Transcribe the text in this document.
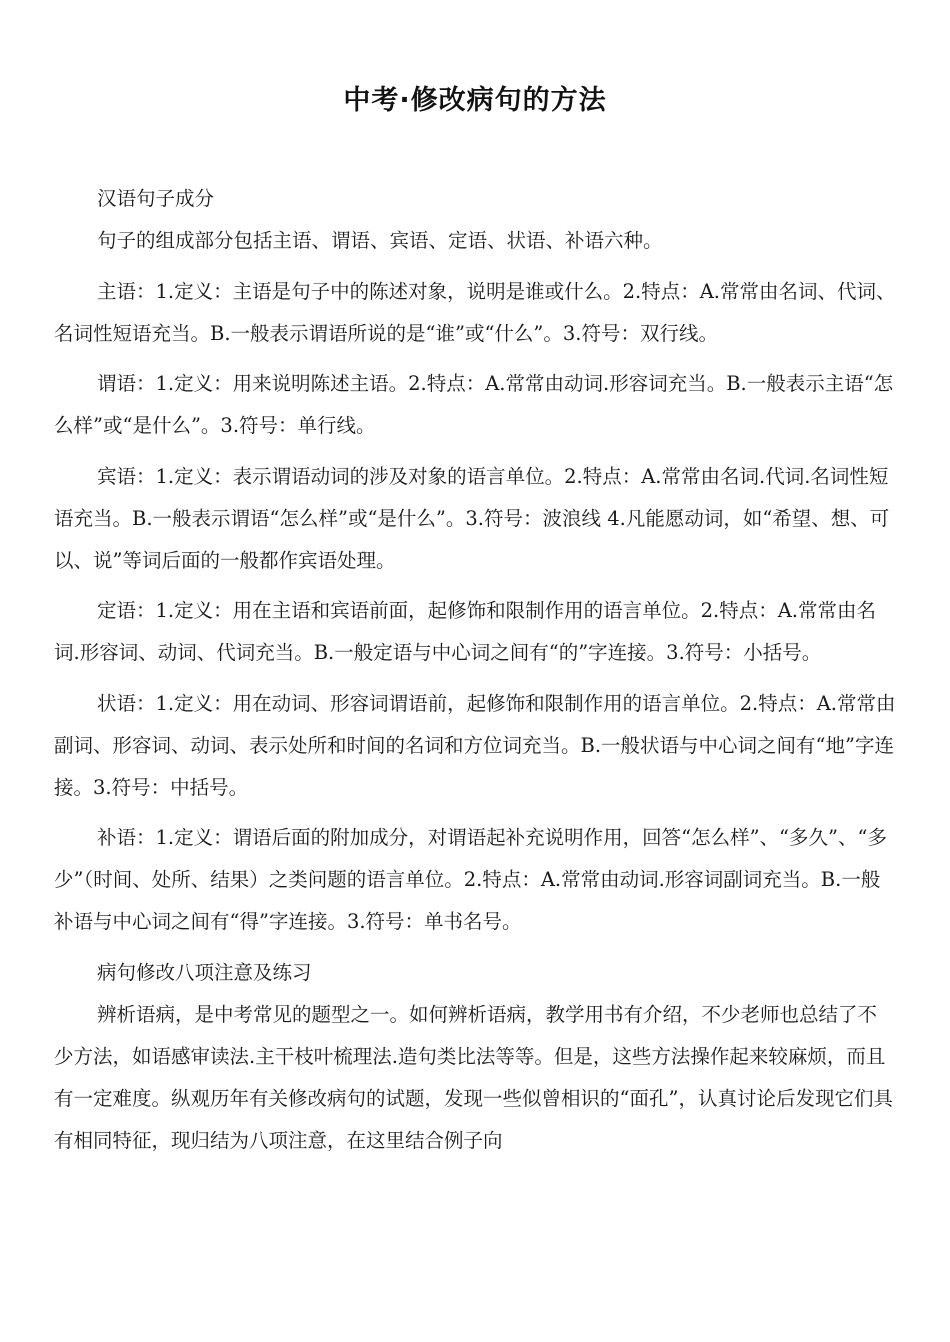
中考·修改病句的方法

汉语句子成分

句子的组成部分包括主语、谓语、宾语、定语、状语、补语六种。

主语：1.定义：主语是句子中的陈述对象，说明是谁或什么。2.特点：A.常常由名词、代词、名词性短语充当。B.一般表示谓语所说的是“谁”或“什么”。3.符号：双行线。

谓语：1.定义：用来说明陈述主语。2.特点：A.常常由动词.形容词充当。B.一般表示主语“怎么样”或“是什么”。3.符号：单行线。

宾语：1.定义：表示谓语动词的涉及对象的语言单位。2.特点：A.常常由名词.代词.名词性短语充当。B.一般表示谓语“怎么样”或“是什么”。3.符号：波浪线 4.凡能愿动词，如“希望、想、可以、说”等词后面的一般都作宾语处理。

定语：1.定义：用在主语和宾语前面，起修饰和限制作用的语言单位。2.特点：A.常常由名词.形容词、动词、代词充当。B.一般定语与中心词之间有“的”字连接。3.符号：小括号。

状语：1.定义：用在动词、形容词谓语前，起修饰和限制作用的语言单位。2.特点：A.常常由副词、形容词、动词、表示处所和时间的名词和方位词充当。B.一般状语与中心词之间有“地”字连接。3.符号：中括号。

补语：1.定义：谓语后面的附加成分，对谓语起补充说明作用，回答“怎么样”、“多久”、“多少”（时间、处所、结果）之类问题的语言单位。2.特点：A.常常由动词.形容词副词充当。B.一般补语与中心词之间有“得”字连接。3.符号：单书名号。

病句修改八项注意及练习

辨析语病，是中考常见的题型之一。如何辨析语病，教学用书有介绍，不少老师也总结了不少方法，如语感审读法.主干枝叶梳理法.造句类比法等等。但是，这些方法操作起来较麻烦，而且有一定难度。纵观历年有关修改病句的试题，发现一些似曾相识的“面孔”，认真讨论后发现它们具有相同特征，现归结为八项注意，在这里结合例子向
